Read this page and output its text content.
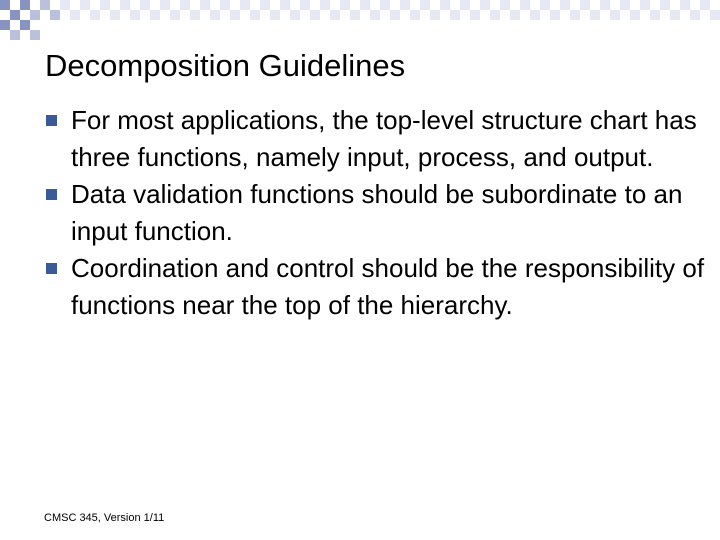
Decomposition Guidelines
For most applications, the top-level structure chart has three functions, namely input, process, and output.
Data validation functions should be subordinate to an input function.
Coordination and control should be the responsibility of functions near the top of the hierarchy.
CMSC 345, Version 1/11
